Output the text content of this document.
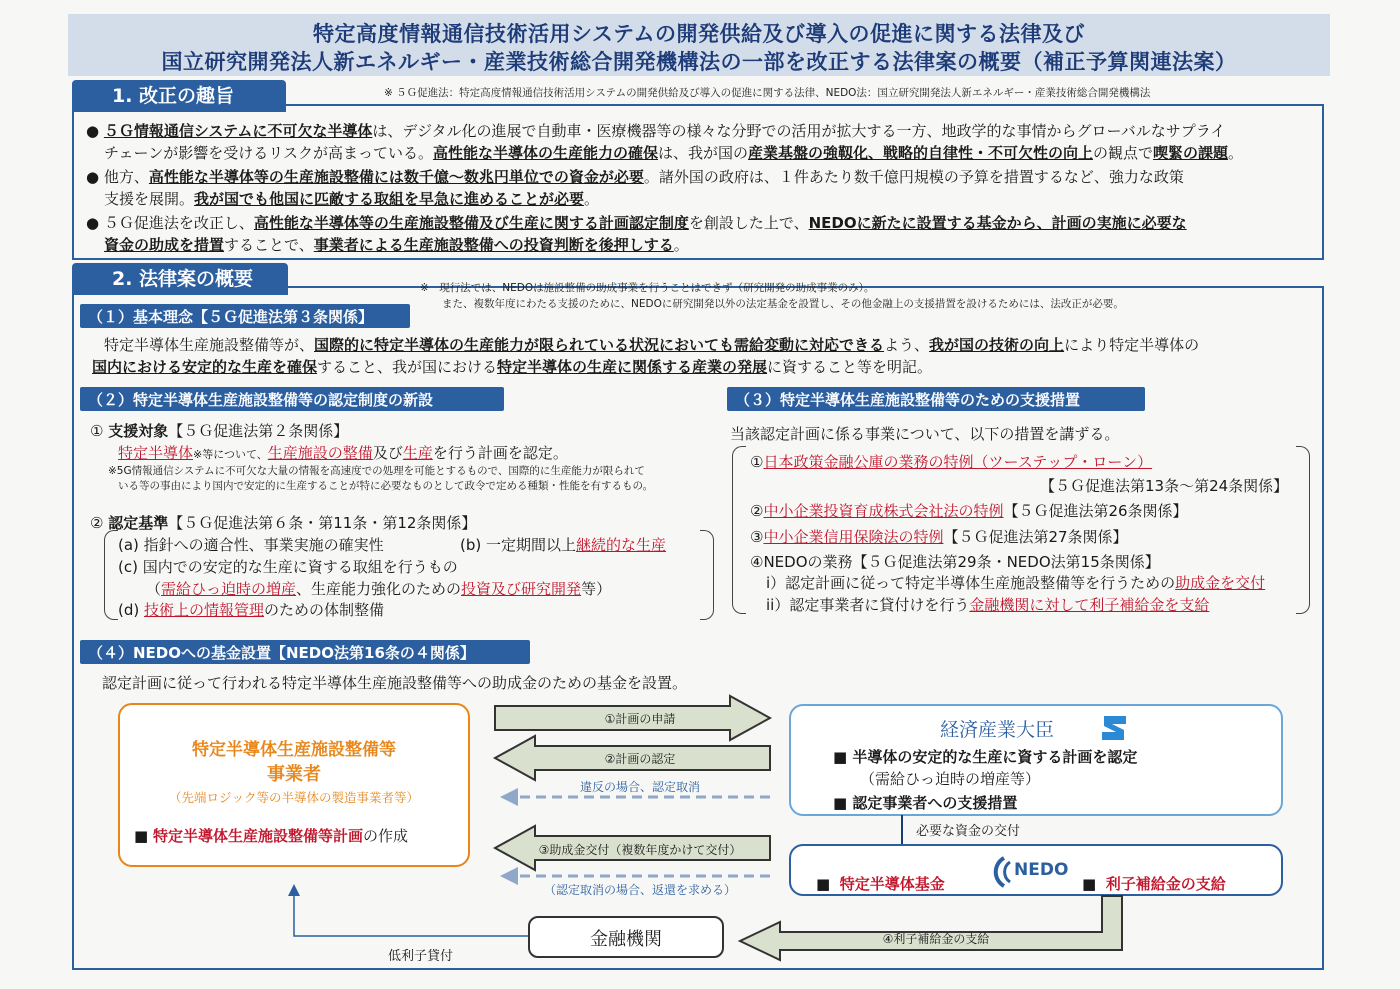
特定高度情報通信技術活用システムの開発供給及び導入の促進に関する法律及び
国立研究開発法人新エネルギー・産業技術総合開発機構法の一部を改正する法律案の概要（補正予算関連法案）
1. 改正の趣旨	※ ５Ｇ促進法：特定高度情報通信技術活用システムの開発供給及び導入の促進に関する法律、NEDO法：国立研究開発法人新エネルギー・産業技術総合開発機構法
● ５Ｇ情報通信システムに不可欠な半導体は、デジタル化の進展で自動車・医療機器等の様々な分野での活用が拡大する一方、地政学的な事情からグローバルなサプライ
チェーンが影響を受けるリスクが高まっている。高性能な半導体の生産能力の確保は、我が国の産業基盤の強靱化、戦略的自律性・不可欠性の向上の観点で喫緊の課題。
● 他方、高性能な半導体等の生産施設整備には数千億～数兆円単位での資金が必要。諸外国の政府は、１件あたり数千億円規模の予算を措置するなど、強力な政策
支援を展開。我が国でも他国に匹敵する取組を早急に進めることが必要。
● ５Ｇ促進法を改正し、高性能な半導体等の生産施設整備及び生産に関する計画認定制度を創設した上で、NEDOに新たに設置する基金から、計画の実施に必要な
資金の助成を措置することで、事業者による生産施設整備への投資判断を後押しする。
2. 法律案の概要	※　現行法では、NEDOは施設整備の助成事業を行うことはできず（研究開発の助成事業のみ）。
また、複数年度にわたる支援のために、NEDOに研究開発以外の法定基金を設置し、その他金融上の支援措置を設けるためには、法改正が必要。
（１）基本理念【５Ｇ促進法第３条関係】
特定半導体生産施設整備等が、国際的に特定半導体の生産能力が限られている状況においても需給変動に対応できるよう、我が国の技術の向上により特定半導体の
国内における安定的な生産を確保すること、我が国における特定半導体の生産に関係する産業の発展に資すること等を明記。
（２）特定半導体生産施設整備等の認定制度の新設
① 支援対象【５Ｇ促進法第２条関係】
特定半導体※等について、生産施設の整備及び生産を行う計画を認定。
※5G情報通信システムに不可欠な大量の情報を高速度での処理を可能とするもので、国際的に生産能力が限られて
いる等の事由により国内で安定的に生産することが特に必要なものとして政令で定める種類・性能を有するもの。
② 認定基準【５Ｇ促進法第６条・第11条・第12条関係】
(a) 指針への適合性、事業実施の確実性	(b) 一定期間以上継続的な生産
(c) 国内での安定的な生産に資する取組を行うもの
（需給ひっ迫時の増産、生産能力強化のための投資及び研究開発等）
(d) 技術上の情報管理のための体制整備
（３）特定半導体生産施設整備等のための支援措置
当該認定計画に係る事業について、以下の措置を講ずる。
①日本政策金融公庫の業務の特例（ツーステップ・ローン）
【５Ｇ促進法第13条～第24条関係】
②中小企業投資育成株式会社法の特例【５Ｇ促進法第26条関係】
③中小企業信用保険法の特例【５Ｇ促進法第27条関係】
④NEDOの業務【５Ｇ促進法第29条・NEDO法第15条関係】
i）認定計画に従って特定半導体生産施設整備等を行うための助成金を交付
ii）認定事業者に貸付けを行う金融機関に対して利子補給金を支給
（４）NEDOへの基金設置【NEDO法第16条の４関係】
認定計画に従って行われる特定半導体生産施設整備等への助成金のための基金を設置。
特定半導体生産施設整備等
事業者
（先端ロジック等の半導体の製造事業者等）
■ 特定半導体生産施設整備等計画の作成
①計画の申請
②計画の認定
違反の場合、認定取消
③助成金交付（複数年度かけて交付）
（認定取消の場合、返還を求める）
経済産業大臣
■ 半導体の安定的な生産に資する計画を認定
（需給ひっ迫時の増産等）
■ 認定事業者への支援措置
必要な資金の交付
■ 特定半導体基金
NEDO
■ 利子補給金の支給
金融機関	④利子補給金の支給
低利子貸付
